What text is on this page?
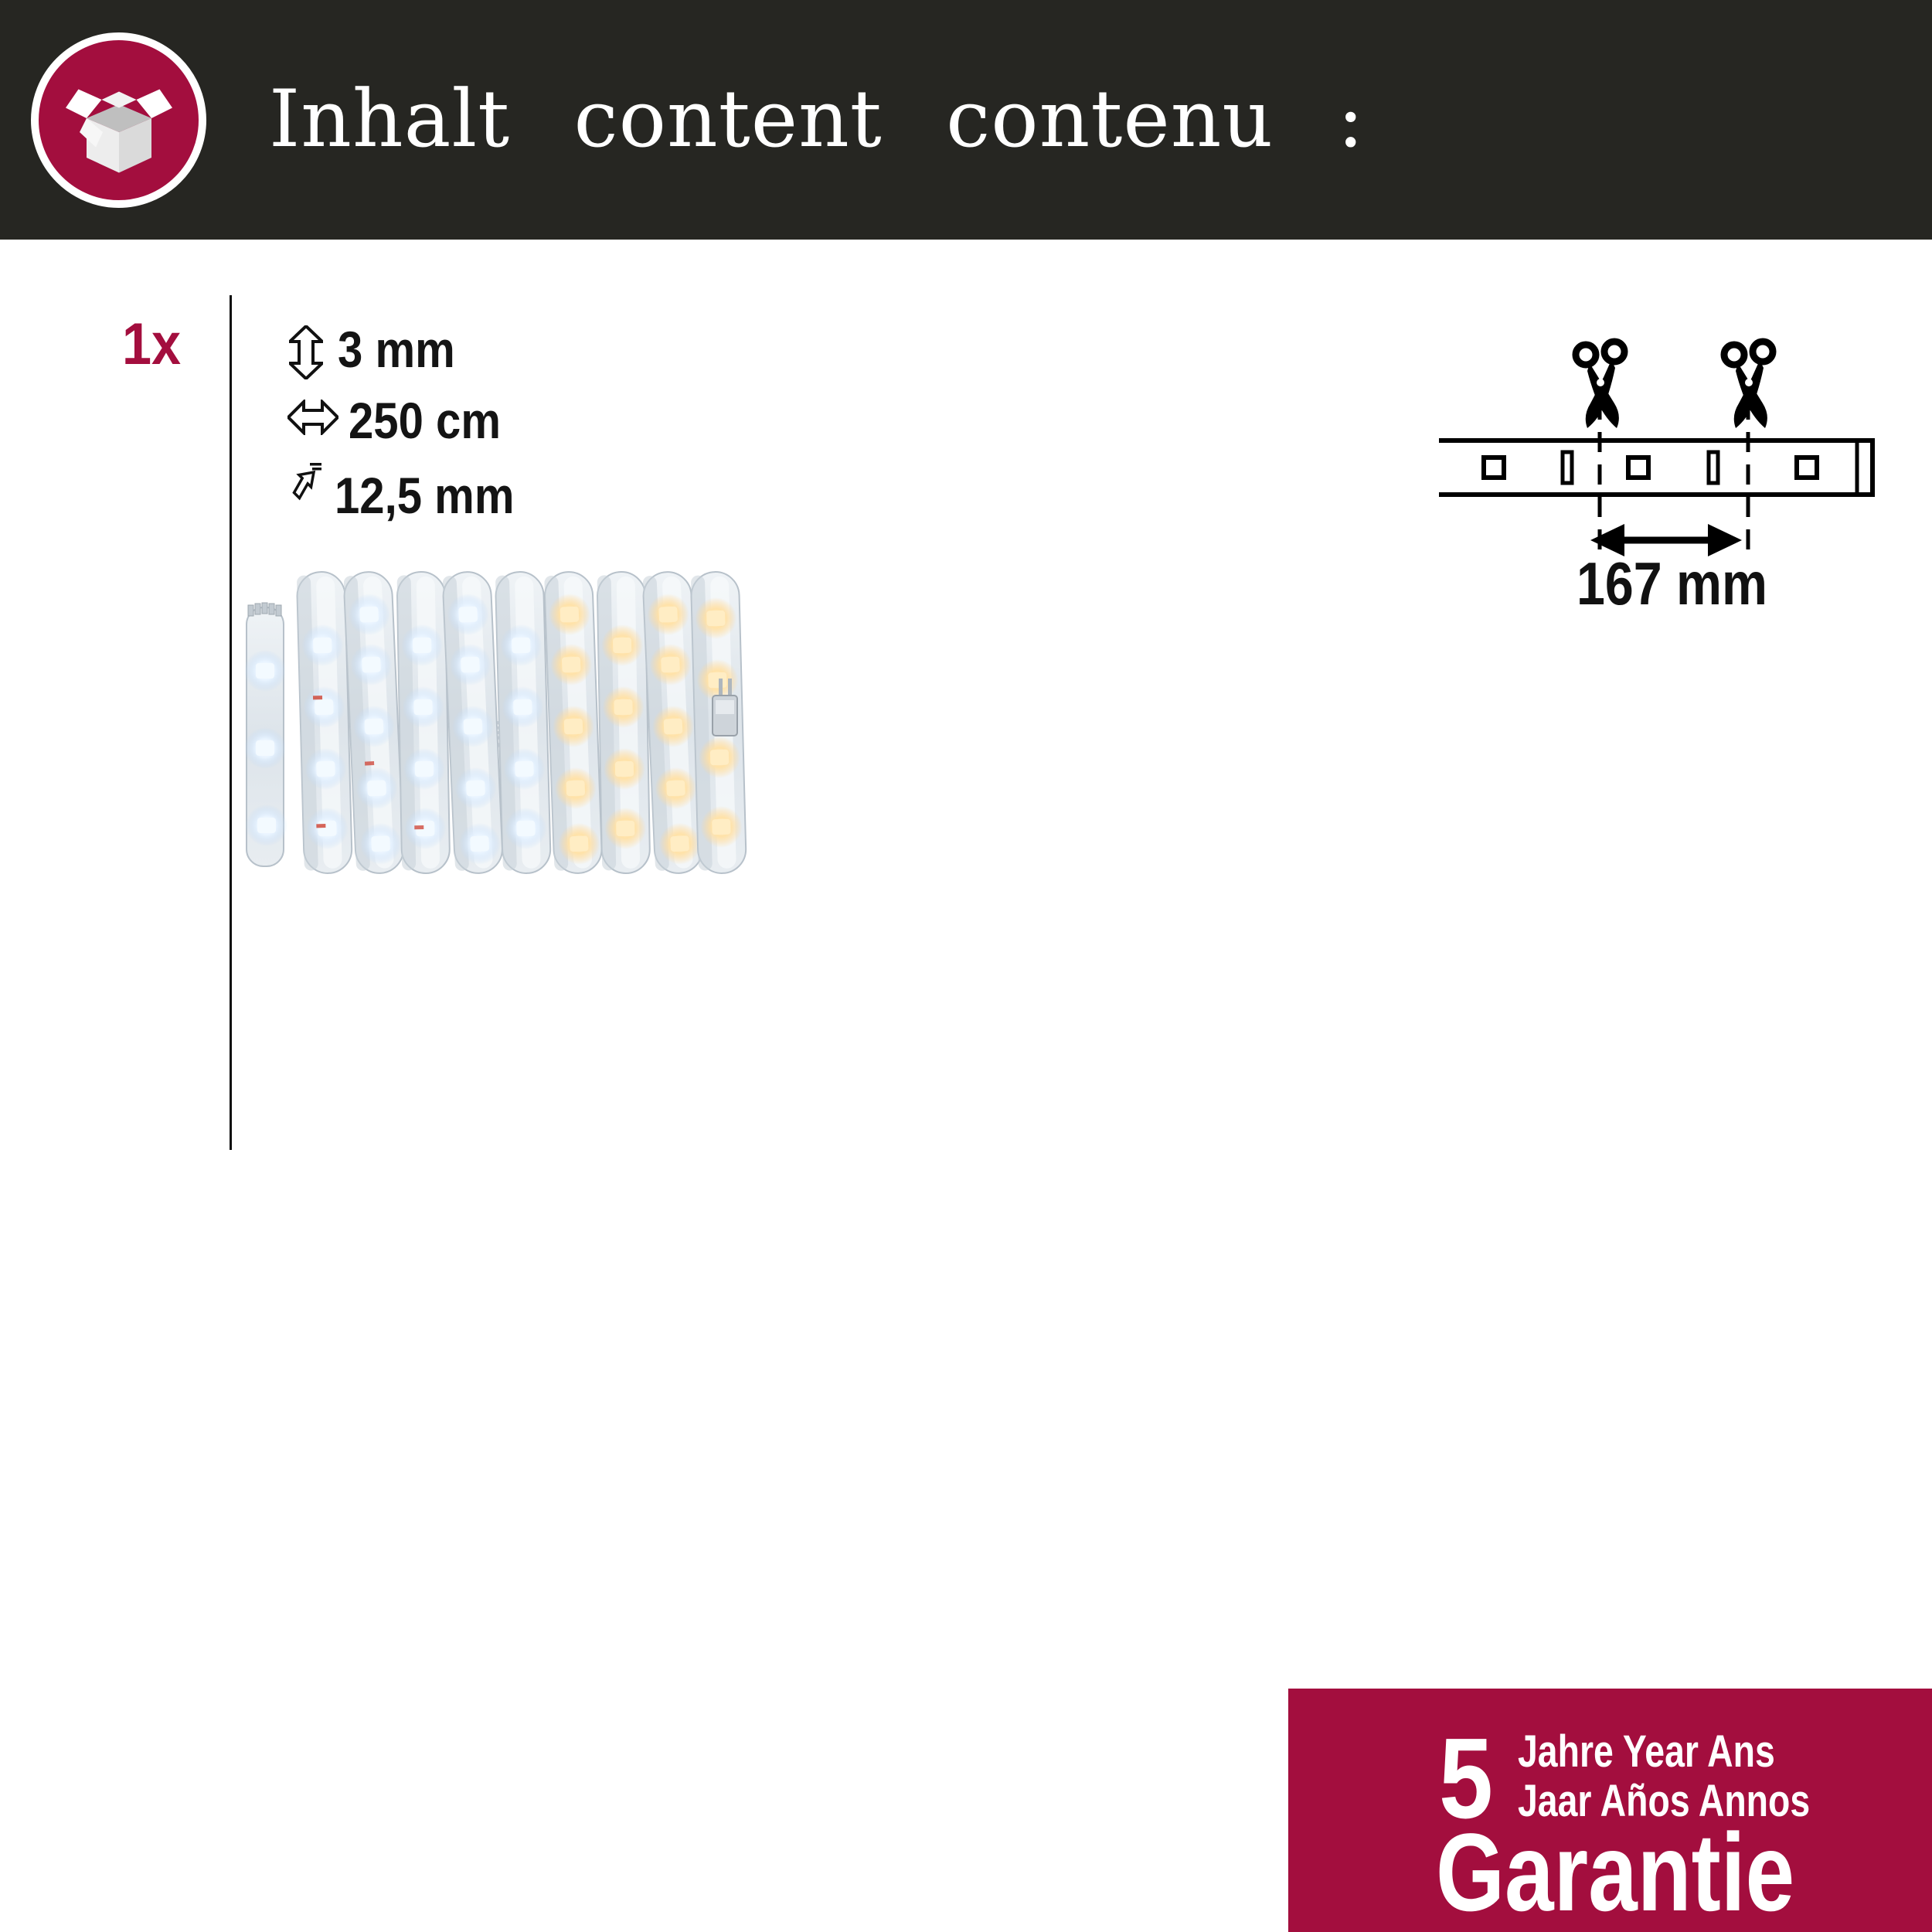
Inhalt content contenu :
1x	3 mm
250 cm
12,5 mm
167 mm
5 Jahre Year Ans
Jaar Años Annos
Garantie
